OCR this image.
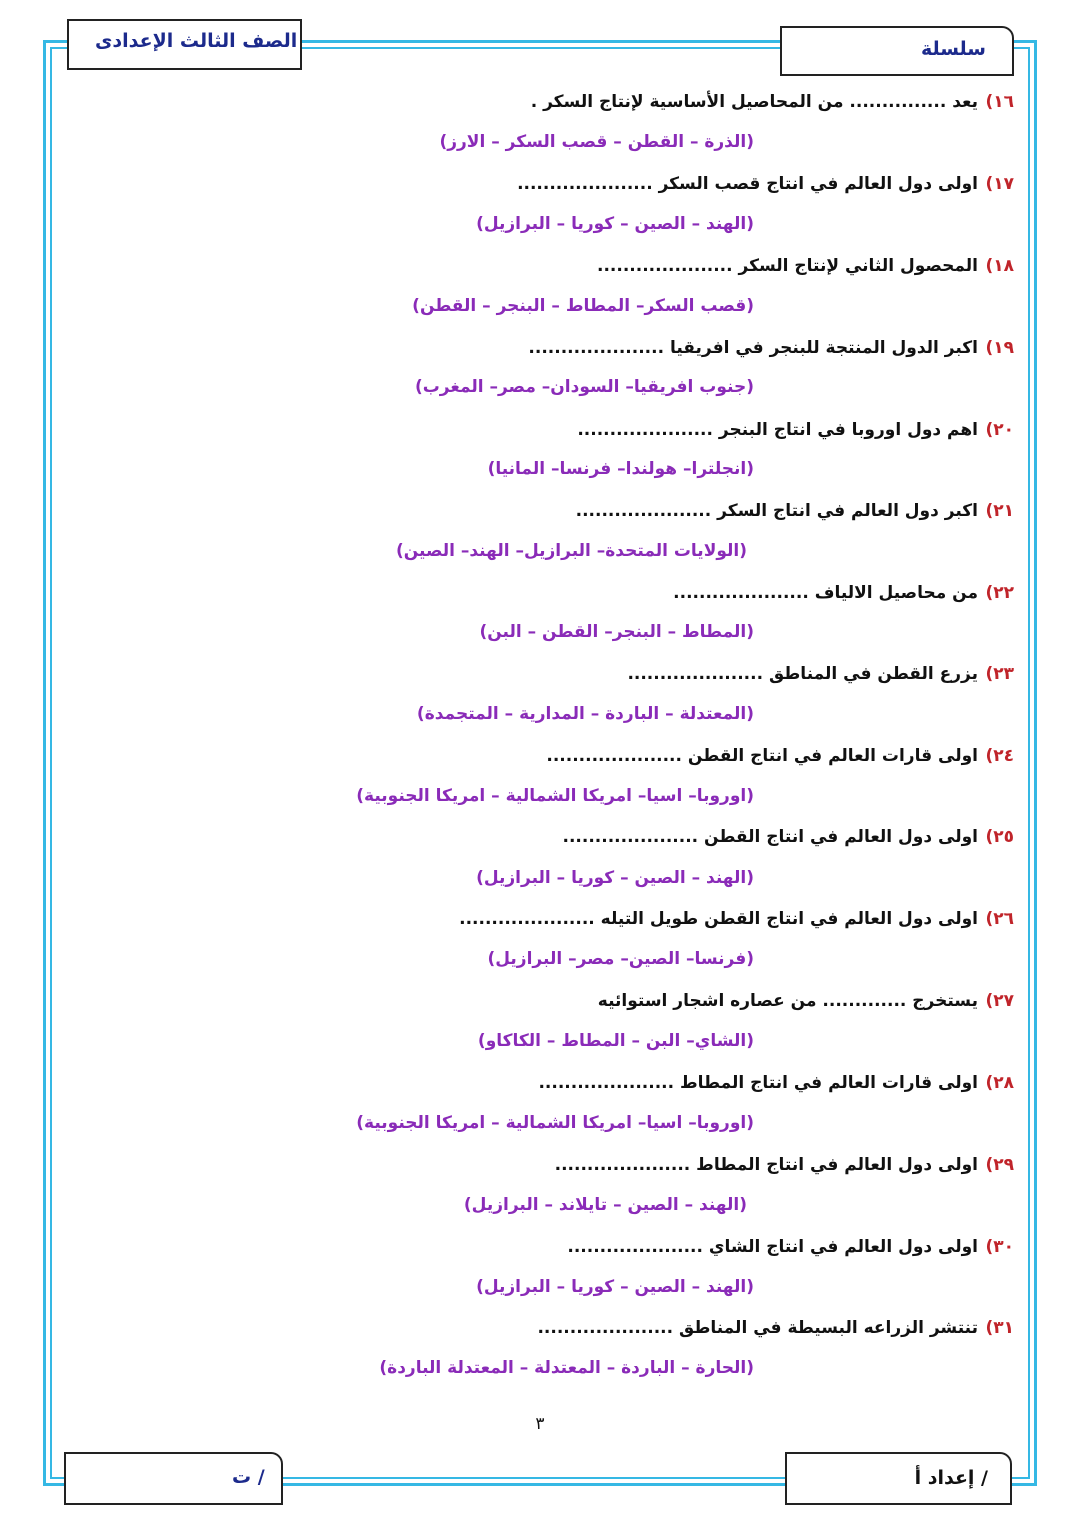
الصف الثالث الإعدادى	سلسلة
١٦)يعد ............... من المحاصيل الأساسية لإنتاج السكر .
(الذرة – القطن – قصب السكر – الارز)
١٧)اولى دول العالم في انتاج قصب السكر .....................
(الهند – الصين – كوريا – البرازيل)
١٨)المحصول الثاني لإنتاج السكر .....................
(قصب السكر– المطاط – البنجر – القطن)
١٩)اكبر الدول المنتجة للبنجر في افريقيا .....................
(جنوب افريقيا– السودان– مصر– المغرب)
٢٠)اهم دول اوروبا في انتاج البنجر .....................
(انجلترا– هولندا– فرنسا– المانيا)
٢١)اكبر دول العالم في انتاج السكر .....................
(الولايات المتحدة– البرازيل– الهند– الصين)
٢٢)من محاصيل الالياف .....................
(المطاط – البنجر– القطن – البن)
٢٣)يزرع القطن في المناطق .....................
(المعتدلة – الباردة – المدارية – المتجمدة)
٢٤)اولى قارات العالم في انتاج القطن .....................
(اوروبا– اسيا– امريكا الشمالية – امريكا الجنوبية)
٢٥)اولى دول العالم في انتاج القطن .....................
(الهند – الصين – كوريا – البرازيل)
٢٦)اولى دول العالم في انتاج القطن طويل التيله .....................
(فرنسا– الصين– مصر– البرازيل)
٢٧)يستخرج ............. من عصاره اشجار استوائيه
(الشاي– البن – المطاط – الكاكاو)
٢٨)اولى قارات العالم في انتاج المطاط .....................
(اوروبا– اسيا– امريكا الشمالية – امريكا الجنوبية)
٢٩)اولى دول العالم في انتاج المطاط .....................
(الهند – الصين – تايلاند – البرازيل)
٣٠)اولى دول العالم في انتاج الشاي .....................
(الهند – الصين – كوريا – البرازيل)
٣١)تنتشر الزراعه البسيطة في المناطق .....................
(الحارة – الباردة – المعتدلة – المعتدلة الباردة)
٣
ت /	إعداد أ /
